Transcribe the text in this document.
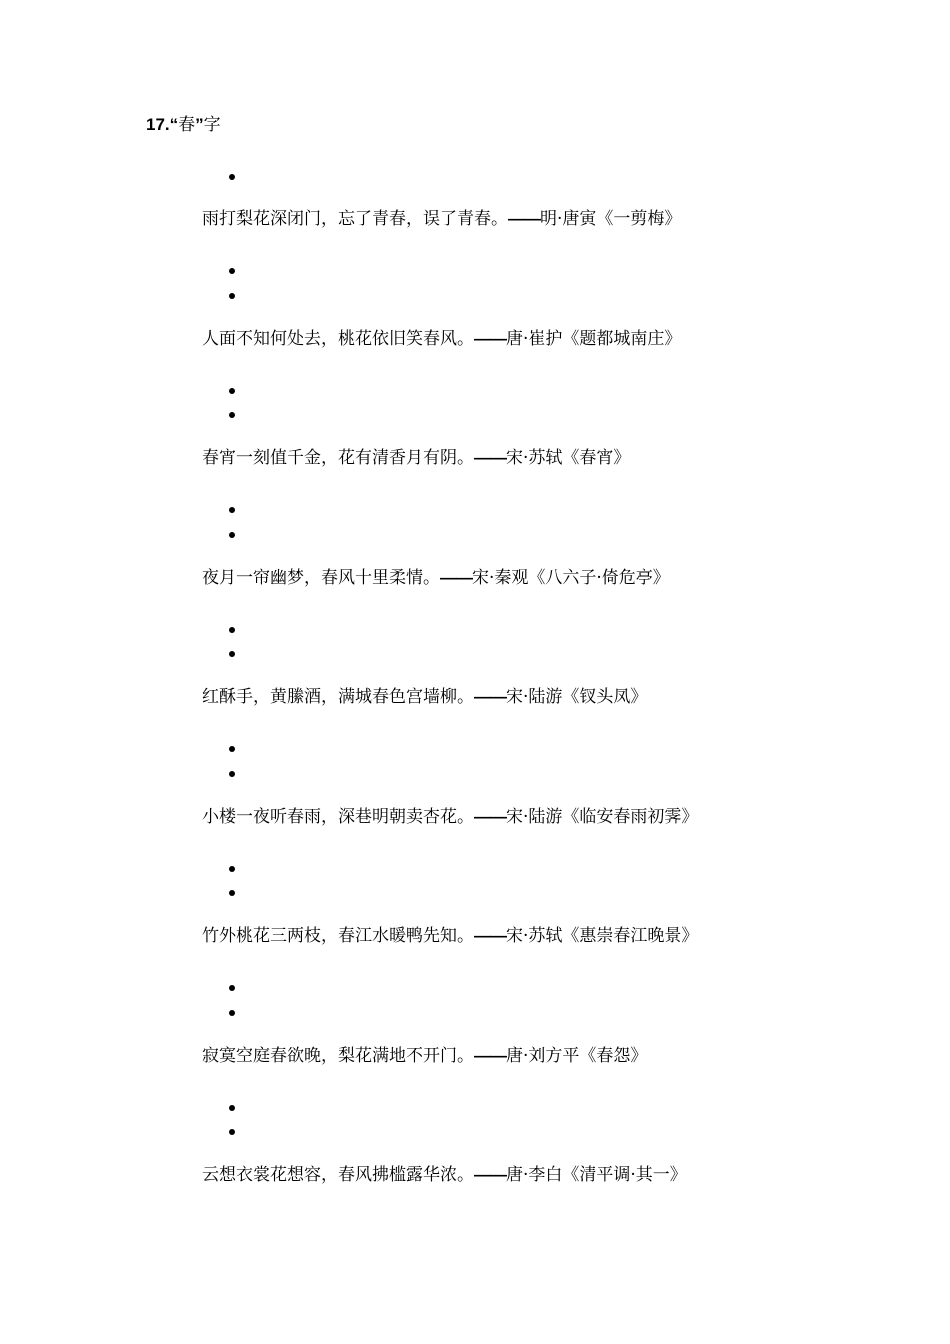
17.“春”字
雨打梨花深闭门，忘了青春，误了青春。——明·唐寅《一剪梅》
人面不知何处去，桃花依旧笑春风。——唐·崔护《题都城南庄》
春宵一刻值千金，花有清香月有阴。——宋·苏轼《春宵》
夜月一帘幽梦，春风十里柔情。——宋·秦观《八六子·倚危亭》
红酥手，黄縢酒，满城春色宫墙柳。——宋·陆游《钗头凤》
小楼一夜听春雨，深巷明朝卖杏花。——宋·陆游《临安春雨初霁》
竹外桃花三两枝，春江水暖鸭先知。——宋·苏轼《惠崇春江晚景》
寂寞空庭春欲晚，梨花满地不开门。——唐·刘方平《春怨》
云想衣裳花想容，春风拂槛露华浓。——唐·李白《清平调·其一》
